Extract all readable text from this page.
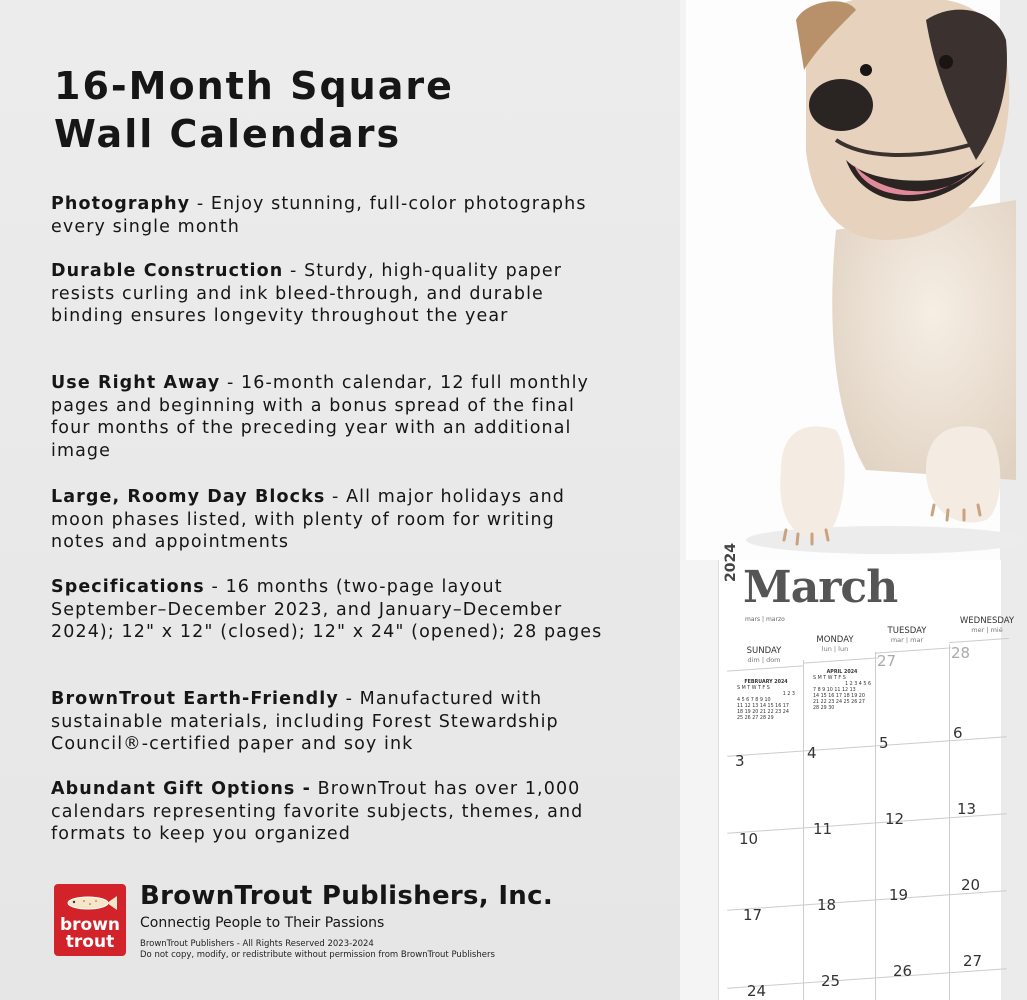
16-Month Square
Wall Calendars
Photography - Enjoy stunning, full-color photographs every single month
Durable Construction - Sturdy, high-quality paper resists curling and ink bleed-through, and durable binding ensures longevity throughout the year
Use Right Away - 16-month calendar, 12 full monthly pages and beginning with a bonus spread of the final four months of the preceding year with an additional image
Large, Roomy Day Blocks - All major holidays and moon phases listed, with plenty of room for writing notes and appointments
Specifications - 16 months (two-page layout September–December 2023, and January–December 2024); 12" x 12" (closed); 12" x 24" (opened); 28 pages
BrownTrout Earth-Friendly - Manufactured with sustainable materials, including Forest Stewardship Council®-certified paper and soy ink
Abundant Gift Options - BrownTrout has over 1,000 calendars representing favorite subjects, themes, and formats to keep you organized
brown
trout
BrownTrout Publishers, Inc.
Connectig People to Their Passions
BrownTrout Publishers - All Rights Reserved 2023-2024
Do not copy, modify, or redistribute without permission from BrownTrout Publishers
2024 March
mars | marzo
SUNDAY
dim | dom
MONDAY
lun | lun
TUESDAY
mar | mar
WEDNESDAY
mer | mié
27	28
3	4
5
6
10
11
12
13
17
18
19
20
24
25
26
27
FEBRUARY 2024
S M T W T F S
1 2 3
4 5 6 7 8 9 10
11 12 13 14 15 16 17
18 19 20 21 22 23 24
25 26 27 28 29
APRIL 2024
S M T W T F S
1 2 3 4 5 6
7 8 9 10 11 12 13
14 15 16 17 18 19 20
21 22 23 24 25 26 27
28 29 30
